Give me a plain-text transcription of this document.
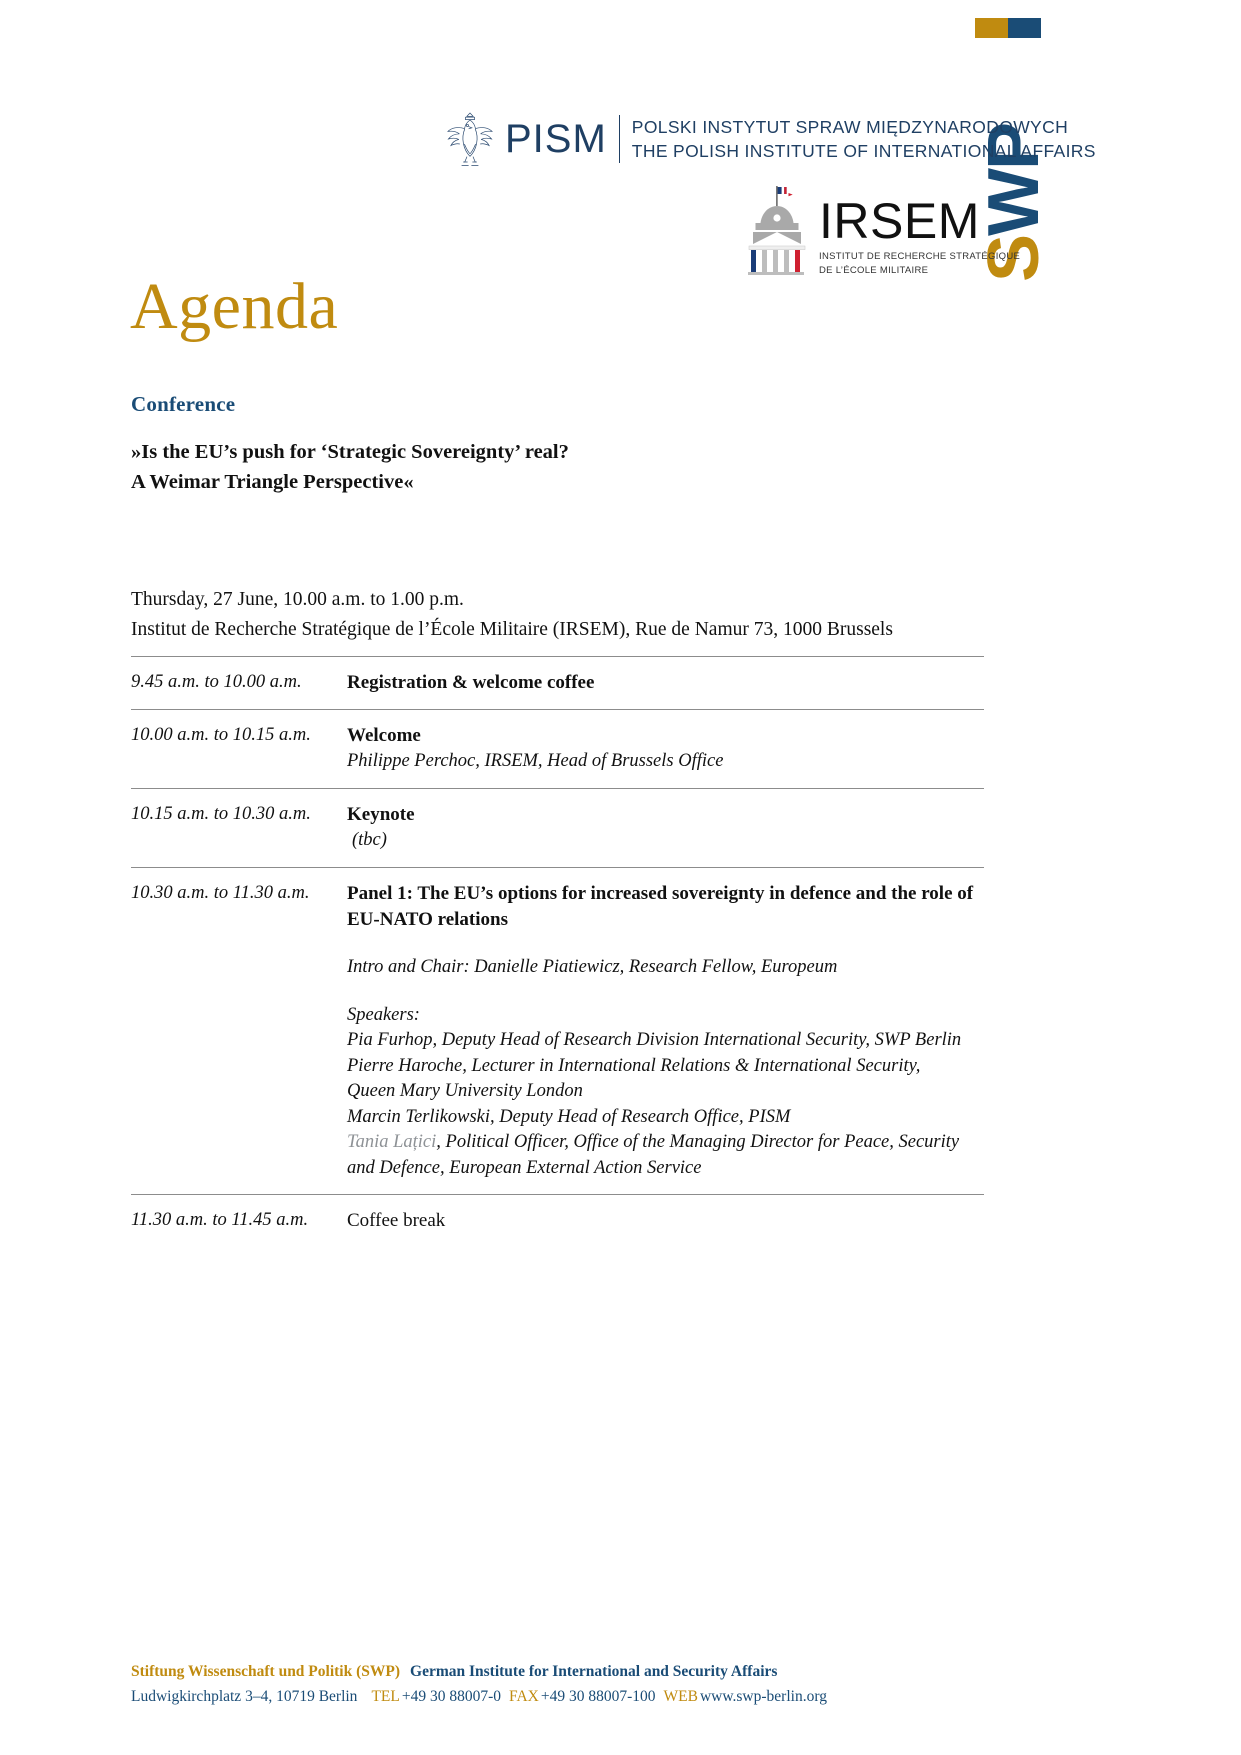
SWP
PISM	POLSKI INSTYTUT SPRAW MIĘDZYNARODOWYCH
THE POLISH INSTITUTE OF INTERNATIONAL AFFAIRS
IRSEM
INSTITUT DE RECHERCHE STRATÉGIQUE
DE L’ÉCOLE MILITAIRE
Agenda
Conference
»Is the EU’s push for ‘Strategic Sovereignty’ real?
A Weimar Triangle Perspective«
Thursday, 27 June, 10.00 a.m. to 1.00 p.m.
Institut de Recherche Stratégique de l’École Militaire (IRSEM), Rue de Namur 73, 1000 Brussels
9.45 a.m. to 10.00 a.m.	Registration & welcome coffee
10.00 a.m. to 10.15 a.m.	Welcome
Philippe Perchoc, IRSEM, Head of Brussels Office
10.15 a.m. to 10.30 a.m.	Keynote
(tbc)
10.30 a.m. to 11.30 a.m.	Panel 1: The EU’s options for increased sovereignty in defence and the role of EU-NATO relations
Intro and Chair: Danielle Piatiewicz, Research Fellow, Europeum
Speakers:
Pia Furhop, Deputy Head of Research Division International Security, SWP Berlin
Pierre Haroche, Lecturer in International Relations & International Security,
Queen Mary University London
Marcin Terlikowski, Deputy Head of Research Office, PISM
Tania Lațici, Political Officer, Office of the Managing Director for Peace, Security
and Defence, European External Action Service
11.30 a.m. to 11.45 a.m.	Coffee break
Stiftung Wissenschaft und Politik (SWP) German Institute for International and Security Affairs
Ludwigkirchplatz 3–4, 10719 Berlin TEL +49 30 88007-0 FAX +49 30 88007-100 WEB www.swp-berlin.org
